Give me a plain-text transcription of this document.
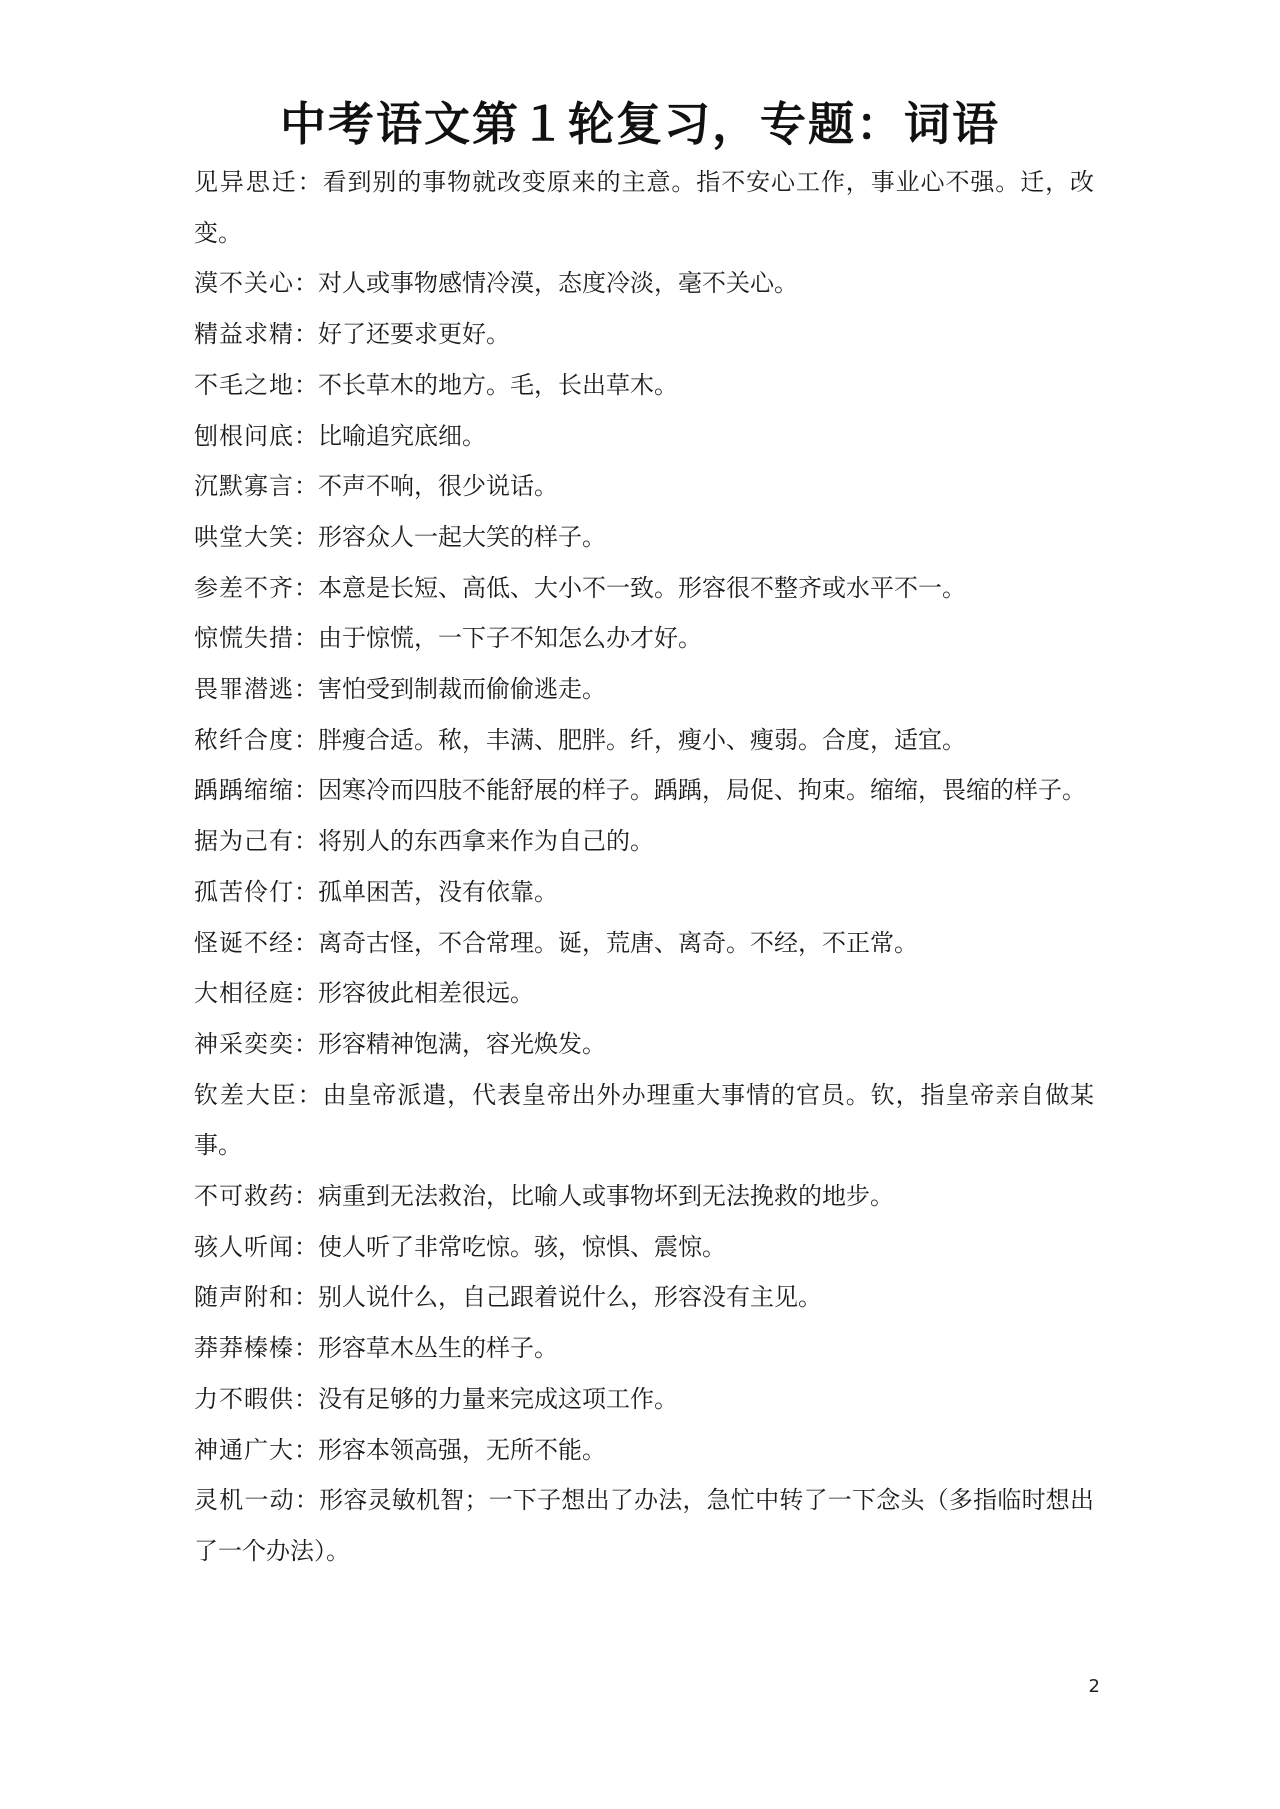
中考语文第１轮复习，专题：词语

见异思迁：看到别的事物就改变原来的主意。指不安心工作，事业心不强。迁，改变。

漠不关心：对人或事物感情冷漠，态度冷淡，毫不关心。

精益求精：好了还要求更好。

不毛之地：不长草木的地方。毛，长出草木。

刨根问底：比喻追究底细。

沉默寡言：不声不响，很少说话。

哄堂大笑：形容众人一起大笑的样子。

参差不齐：本意是长短、高低、大小不一致。形容很不整齐或水平不一。

惊慌失措：由于惊慌，一下子不知怎么办才好。

畏罪潜逃：害怕受到制裁而偷偷逃走。

秾纤合度：胖瘦合适。秾，丰满、肥胖。纤，瘦小、瘦弱。合度，适宜。

踽踽缩缩：因寒冷而四肢不能舒展的样子。踽踽，局促、拘束。缩缩，畏缩的样子。

据为己有：将别人的东西拿来作为自己的。

孤苦伶仃：孤单困苦，没有依靠。

怪诞不经：离奇古怪，不合常理。诞，荒唐、离奇。不经，不正常。

大相径庭：形容彼此相差很远。

神采奕奕：形容精神饱满，容光焕发。

钦差大臣：由皇帝派遣，代表皇帝出外办理重大事情的官员。钦，指皇帝亲自做某事。

不可救药：病重到无法救治，比喻人或事物坏到无法挽救的地步。

骇人听闻：使人听了非常吃惊。骇，惊惧、震惊。

随声附和：别人说什么，自己跟着说什么，形容没有主见。

莽莽榛榛：形容草木丛生的样子。

力不暇供：没有足够的力量来完成这项工作。

神通广大：形容本领高强，无所不能。

灵机一动：形容灵敏机智；一下子想出了办法，急忙中转了一下念头（多指临时想出了一个办法）。

2
